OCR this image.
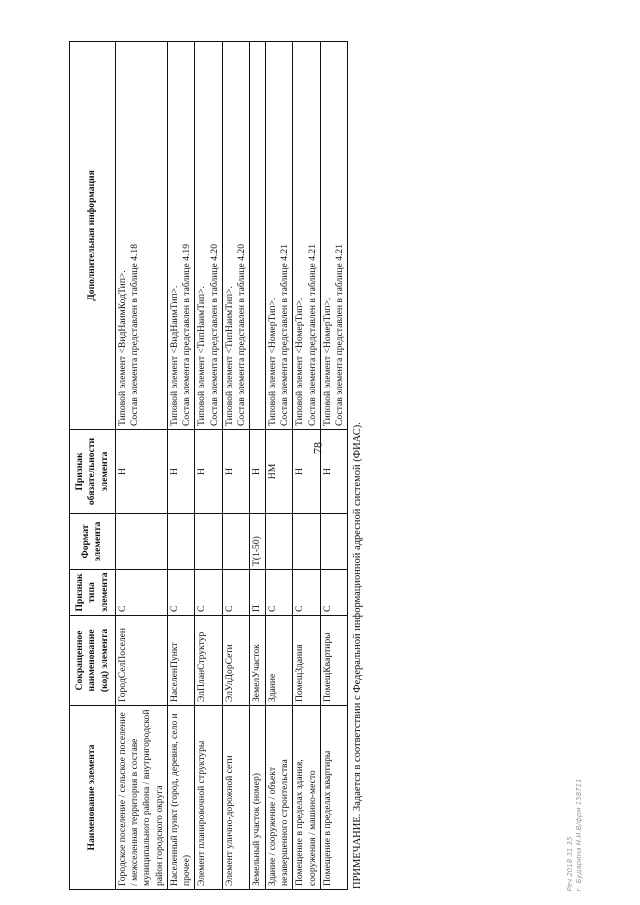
78
Наименование элемента	Сокращенное наименование (код) элемента	Признак типа элемента	Формат элемента	Признак обязательности элемента	Дополнительная информация
Городское поселение / сельское поселение / межселенная территория в составе муниципального района / внутригородской район городского округа	ГородСелПоселен	С		Н	Типовой элемент <ВидНаимКодТип>. Состав элемента представлен в таблице 4.18

Населенный пункт (город, деревня, село и прочее)	НаселенПункт	С		Н	Типовой элемент <ВидНаимТип>. Состав элемента представлен в таблице 4.19

Элемент планировочной структуры	ЭлПланСтруктур	С		Н	Типовой элемент <ТипНаимТип>. Состав элемента представлен в таблице 4.20

Элемент улично-дорожной сети	ЭлУлДорСети	С		Н	Типовой элемент <ТипНаимТип>. Состав элемента представлен в таблице 4.20

Земельный участок (номер)	ЗемелУчасток	П	T(1-50)	Н	
Здание / сооружение / объект незавершенного строительства	Здание	С		НМ	Типовой элемент <НомерТип>. Состав элемента представлен в таблице 4.21

Помещение в пределах здания, сооружения / машино-место	ПомещЗдания	С		Н	Типовой элемент <НомерТип>. Состав элемента представлен в таблице 4.21

Помещение в пределах квартиры	ПомещКвартиры	С		Н	Типовой элемент <НомерТип>. Состав элемента представлен в таблице 4.21
ПРИМЕЧАНИЕ. Задается в соответствии с Федеральной информационной адресной системой (ФИАС).	Реч 2018 31 35 г. Бударина Н.И.В/фрм 158711
